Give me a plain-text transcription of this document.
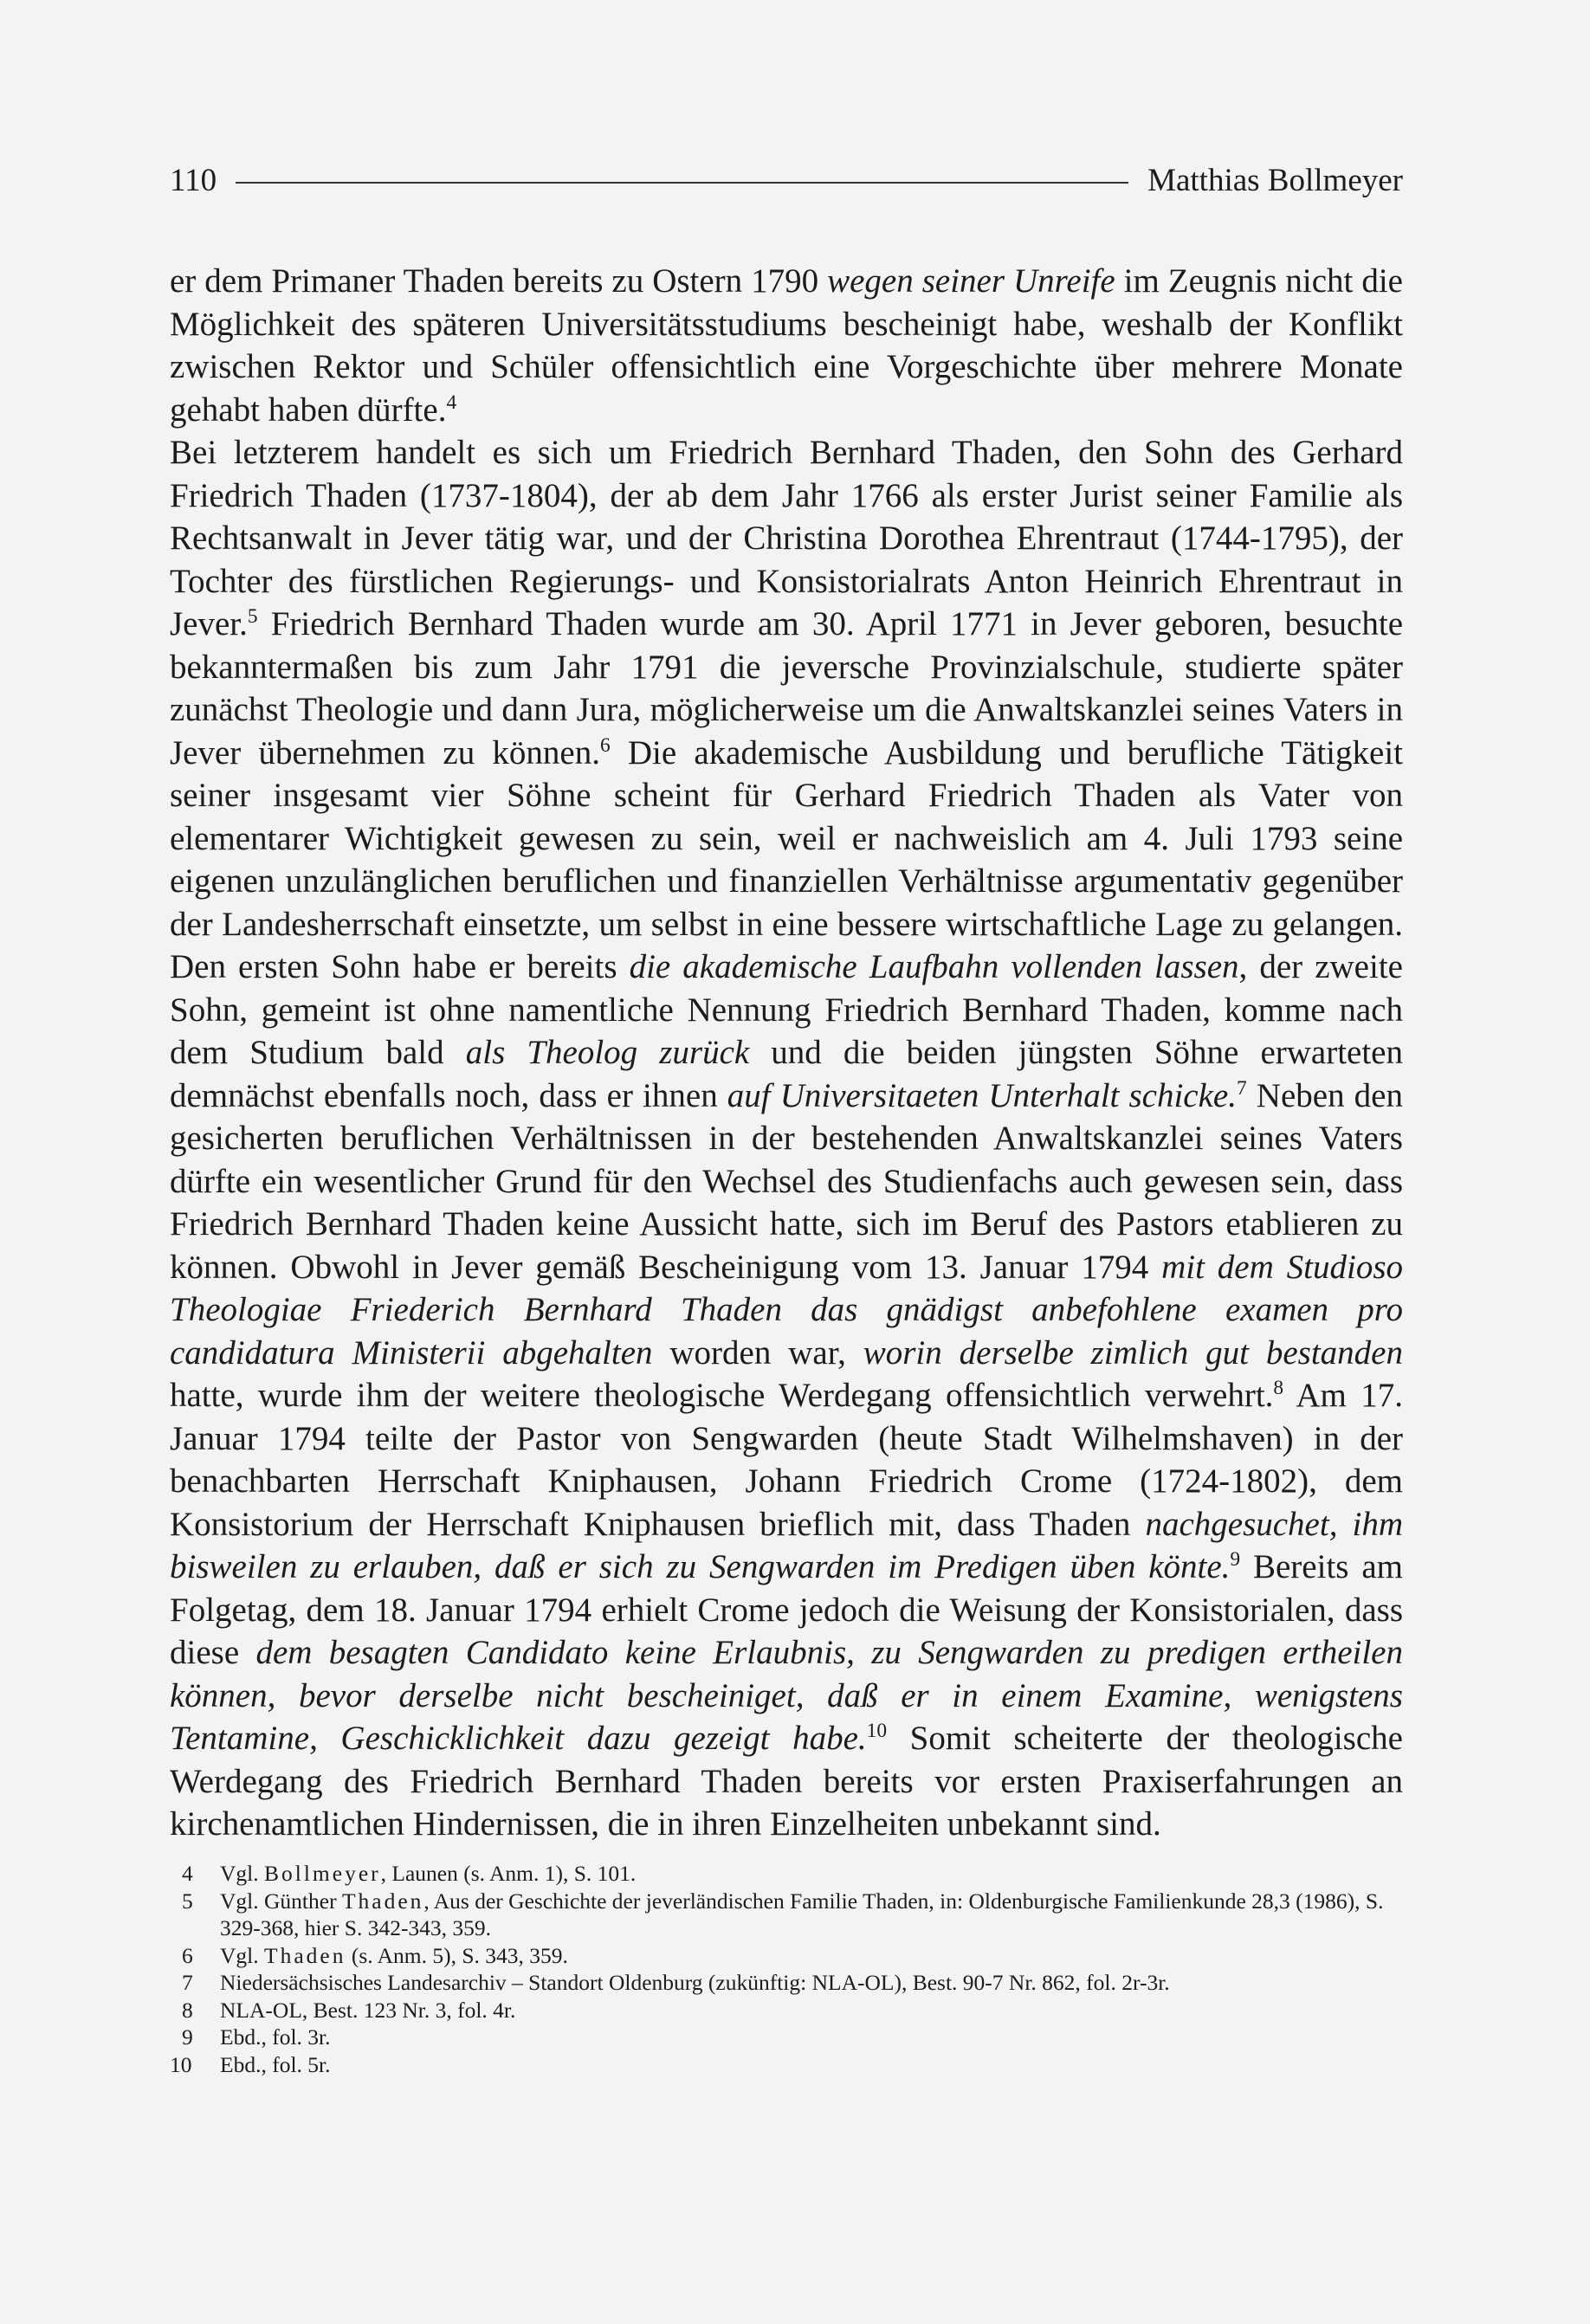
110	Matthias Bollmeyer

er dem Primaner Thaden bereits zu Ostern 1790 wegen seiner Unreife im Zeugnis nicht die Möglichkeit des späteren Universitätsstudiums bescheinigt habe, weshalb der Konflikt zwischen Rektor und Schüler offensichtlich eine Vorgeschichte über mehrere Monate gehabt haben dürfte.$^4$

Bei letzterem handelt es sich um Friedrich Bernhard Thaden, den Sohn des Gerhard Friedrich Thaden (1737-1804), der ab dem Jahr 1766 als erster Jurist seiner Familie als Rechtsanwalt in Jever tätig war, und der Christina Dorothea Ehrentraut (1744-1795), der Tochter des fürstlichen Regierungs- und Konsistorialrats Anton Heinrich Ehrentraut in Jever.$^5$ Friedrich Bernhard Thaden wurde am 30. April 1771 in Jever geboren, besuchte bekanntermaßen bis zum Jahr 1791 die jeversche Provinzialschule, studierte später zunächst Theologie und dann Jura, möglicherweise um die Anwaltskanzlei seines Vaters in Jever übernehmen zu können.$^6$ Die akademische Ausbildung und berufliche Tätigkeit seiner insgesamt vier Söhne scheint für Gerhard Friedrich Thaden als Vater von elementarer Wichtigkeit gewesen zu sein, weil er nachweislich am 4. Juli 1793 seine eigenen unzulänglichen beruflichen und finanziellen Verhältnisse argumentativ gegenüber der Landesherrschaft einsetzte, um selbst in eine bessere wirtschaftliche Lage zu gelangen. Den ersten Sohn habe er bereits die akademische Laufbahn vollenden lassen, der zweite Sohn, gemeint ist ohne namentliche Nennung Friedrich Bernhard Thaden, komme nach dem Studium bald als Theolog zurück und die beiden jüngsten Söhne erwarteten demnächst ebenfalls noch, dass er ihnen auf Universitaeten Unterhalt schicke.$^7$ Neben den gesicherten beruflichen Verhältnissen in der bestehenden Anwaltskanzlei seines Vaters dürfte ein wesentlicher Grund für den Wechsel des Studienfachs auch gewesen sein, dass Friedrich Bernhard Thaden keine Aussicht hatte, sich im Beruf des Pastors etablieren zu können. Obwohl in Jever gemäß Bescheinigung vom 13. Januar 1794 mit dem Studioso Theologiae Friederich Bernhard Thaden das gnädigst anbefohlene examen pro candidatura Ministerii abgehalten worden war, worin derselbe zimlich gut bestanden hatte, wurde ihm der weitere theologische Werdegang offensichtlich verwehrt.$^8$ Am 17. Januar 1794 teilte der Pastor von Sengwarden (heute Stadt Wilhelmshaven) in der benachbarten Herrschaft Kniphausen, Johann Friedrich Crome (1724-1802), dem Konsistorium der Herrschaft Kniphausen brieflich mit, dass Thaden nachgesuchet, ihm bisweilen zu erlauben, daß er sich zu Sengwarden im Predigen üben könte.$^9$ Bereits am Folgetag, dem 18. Januar 1794 erhielt Crome jedoch die Weisung der Konsistorialen, dass diese dem besagten Candidato keine Erlaubnis, zu Sengwarden zu predigen ertheilen können, bevor derselbe nicht bescheiniget, daß er in einem Examine, wenigstens Tentamine, Geschicklichkeit dazu gezeigt habe.$^{10}$ Somit scheiterte der theologische Werdegang des Friedrich Bernhard Thaden bereits vor ersten Praxiserfahrungen an kirchenamtlichen Hindernissen, die in ihren Einzelheiten unbekannt sind.

4	Vgl. Bollmeyer, Launen (s. Anm. 1), S. 101.
5	Vgl. Günther Thaden, Aus der Geschichte der jeverländischen Familie Thaden, in: Oldenburgische Familienkunde 28,3 (1986), S. 329-368, hier S. 342-343, 359.
6	Vgl. Thaden (s. Anm. 5), S. 343, 359.
7	Niedersächsisches Landesarchiv – Standort Oldenburg (zukünftig: NLA-OL), Best. 90-7 Nr. 862, fol. 2r-3r.
8	NLA-OL, Best. 123 Nr. 3, fol. 4r.
9	Ebd., fol. 3r.
10	Ebd., fol. 5r.
